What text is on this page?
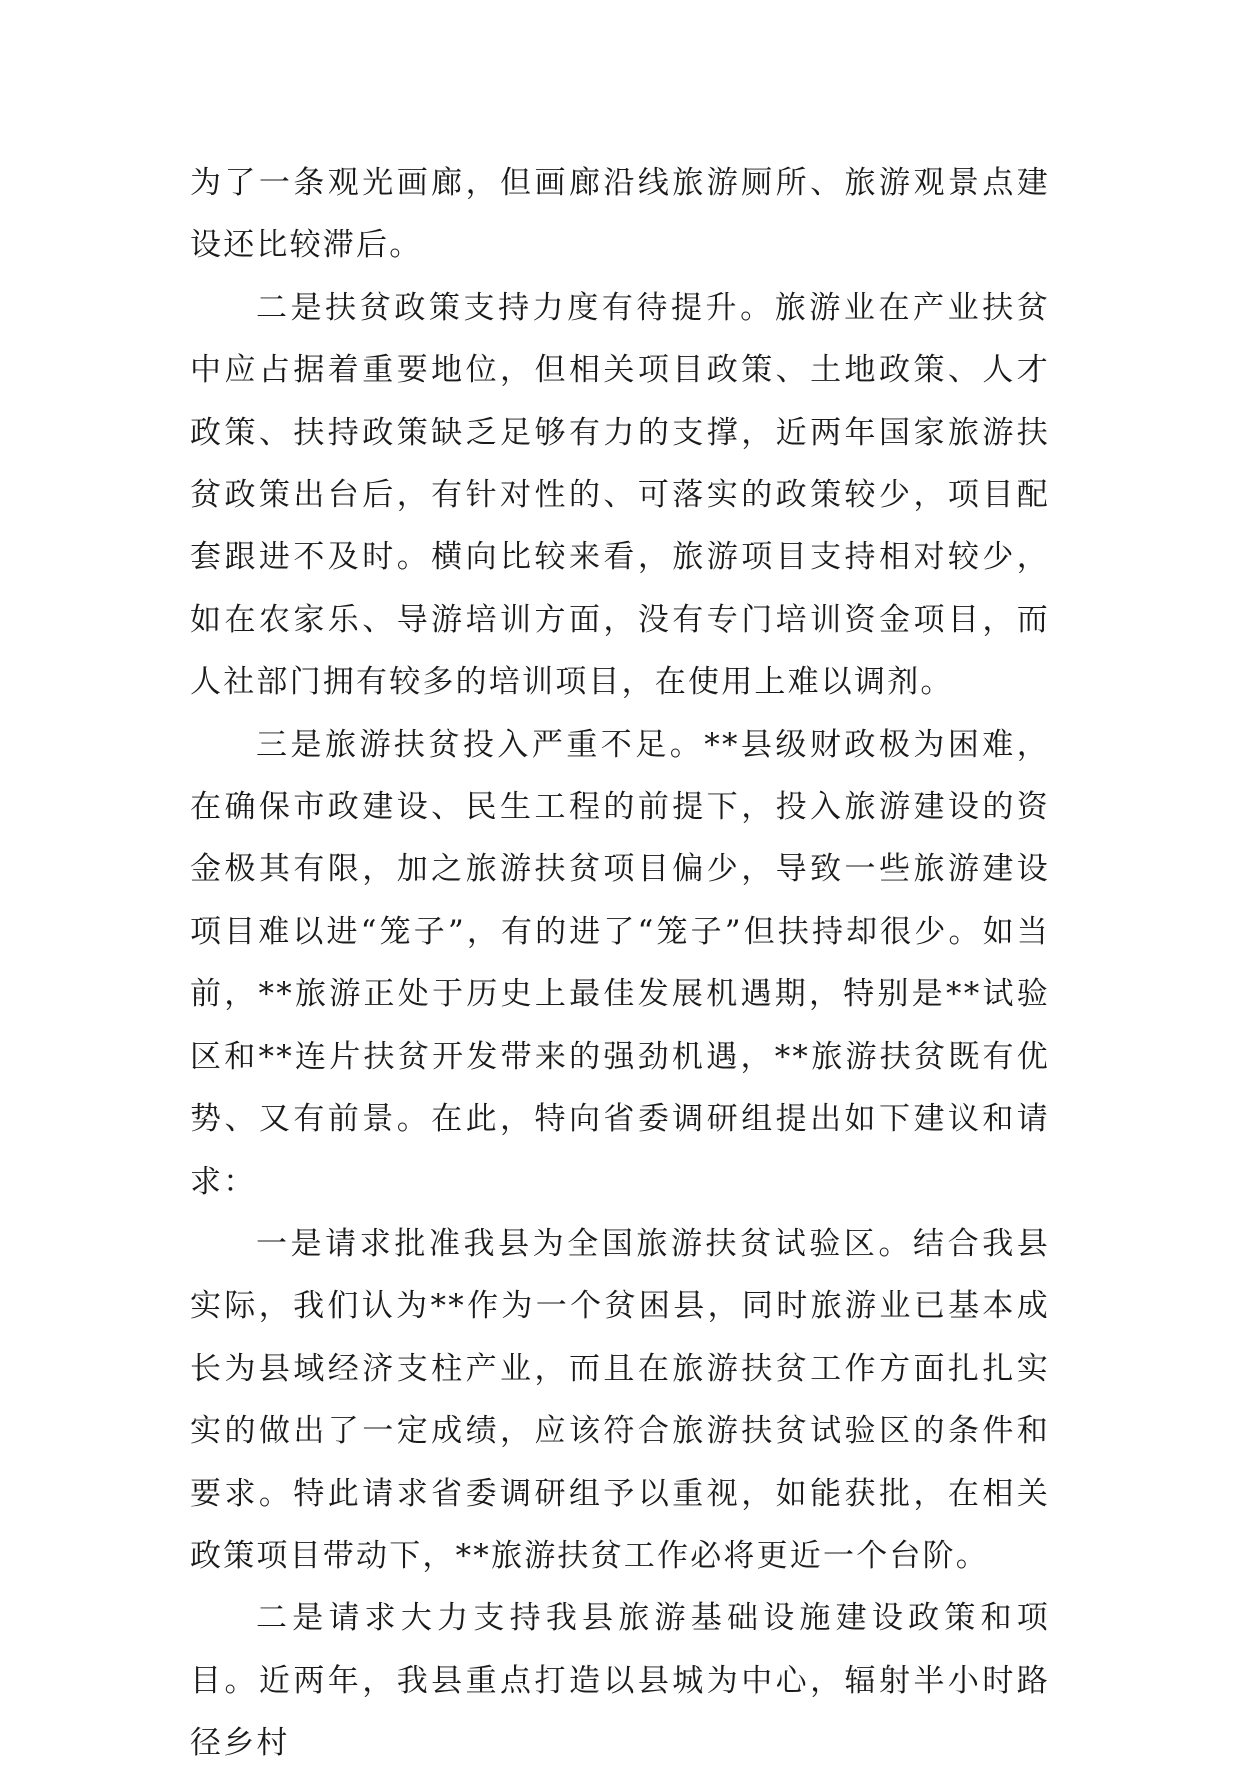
为了一条观光画廊，但画廊沿线旅游厕所、旅游观景点建设还比较滞后。

二是扶贫政策支持力度有待提升。旅游业在产业扶贫中应占据着重要地位，但相关项目政策、土地政策、人才政策、扶持政策缺乏足够有力的支撑，近两年国家旅游扶贫政策出台后，有针对性的、可落实的政策较少，项目配套跟进不及时。横向比较来看，旅游项目支持相对较少，如在农家乐、导游培训方面，没有专门培训资金项目，而人社部门拥有较多的培训项目，在使用上难以调剂。

三是旅游扶贫投入严重不足。**县级财政极为困难，在确保市政建设、民生工程的前提下，投入旅游建设的资金极其有限，加之旅游扶贫项目偏少，导致一些旅游建设项目难以进“笼子”，有的进了“笼子”但扶持却很少。如当前，**旅游正处于历史上最佳发展机遇期，特别是**试验区和**连片扶贫开发带来的强劲机遇，**旅游扶贫既有优势、又有前景。在此，特向省委调研组提出如下建议和请求：

一是请求批准我县为全国旅游扶贫试验区。结合我县实际，我们认为**作为一个贫困县，同时旅游业已基本成长为县域经济支柱产业，而且在旅游扶贫工作方面扎扎实实的做出了一定成绩，应该符合旅游扶贫试验区的条件和要求。特此请求省委调研组予以重视，如能获批，在相关政策项目带动下，**旅游扶贫工作必将更近一个台阶。

二是请求大力支持我县旅游基础设施建设政策和项目。近两年，我县重点打造以县城为中心，辐射半小时路径乡村
